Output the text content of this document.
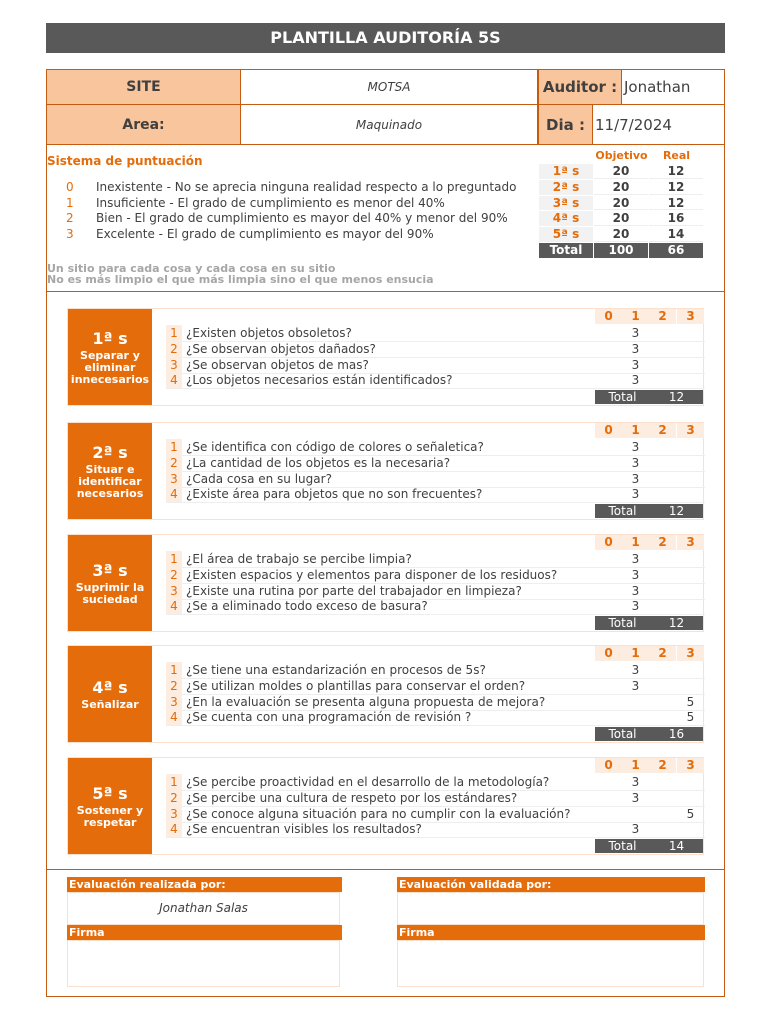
PLANTILLA AUDITORÍA 5S
SITE	MOTSA	Auditor : Jonathan
Area:	Maquinado	Dia : 11/7/2024
Sistema de puntuación
0 Inexistente - No se aprecia ninguna realidad respecto a lo preguntado
1 Insuficiente - El grado de cumplimiento es menor del 40%
2 Bien - El grado de cumplimiento es mayor del 40% y menor del 90%
3 Excelente - El grado de cumplimiento es mayor del 90%
Un sitio para cada cosa y cada cosa en su sitio
No es más limpio el que más limpia sino el que menos ensucia
Objetivo	Real
1ª s	20	12
2ª s	20	12
3ª s	20	12
4ª s	20	16
5ª s	20	14
Total	100	66
1ª s
Separar y eliminar innecesarios
0	1	2	3
1 ¿Existen objetos obsoletos?	3
2 ¿Se observan objetos dañados?	3
3 ¿Se observan objetos de mas?	3
4 ¿Los objetos necesarios están identificados?	3
Total	12
2ª s
Situar e identificar necesarios
0	1	2	3
1 ¿Se identifica con código de colores o señaletica?	3
2 ¿La cantidad de los objetos es la necesaria?	3
3 ¿Cada cosa en su lugar?	3
4 ¿Existe área para objetos que no son frecuentes?	3
Total	12
3ª s
Suprimir la suciedad
0	1	2	3
1 ¿El área de trabajo se percibe limpia?	3
2 ¿Existen espacios y elementos para disponer de los residuos?	3
3 ¿Existe una rutina por parte del trabajador en limpieza?	3
4 ¿Se a eliminado todo exceso de basura?	3
Total	12
4ª s
Señalizar
0	1	2	3
1 ¿Se tiene una estandarización en procesos de 5s?	3
2 ¿Se utilizan moldes o plantillas para conservar el orden?	3
3 ¿En la evaluación se presenta alguna propuesta de mejora?	5
4 ¿Se cuenta con una programación de revisión ?	5
Total	16
5ª s
Sostener y respetar
0	1	2	3
1 ¿Se percibe proactividad en el desarrollo de la metodología?	3
2 ¿Se percibe una cultura de respeto por los estándares?	3
3 ¿Se conoce alguna situación para no cumplir con la evaluación?	5
4 ¿Se encuentran visibles los resultados?	3
Total	14
Evaluación realizada por:
Jonathan Salas
Firma
Evaluación validada por:
Firma
